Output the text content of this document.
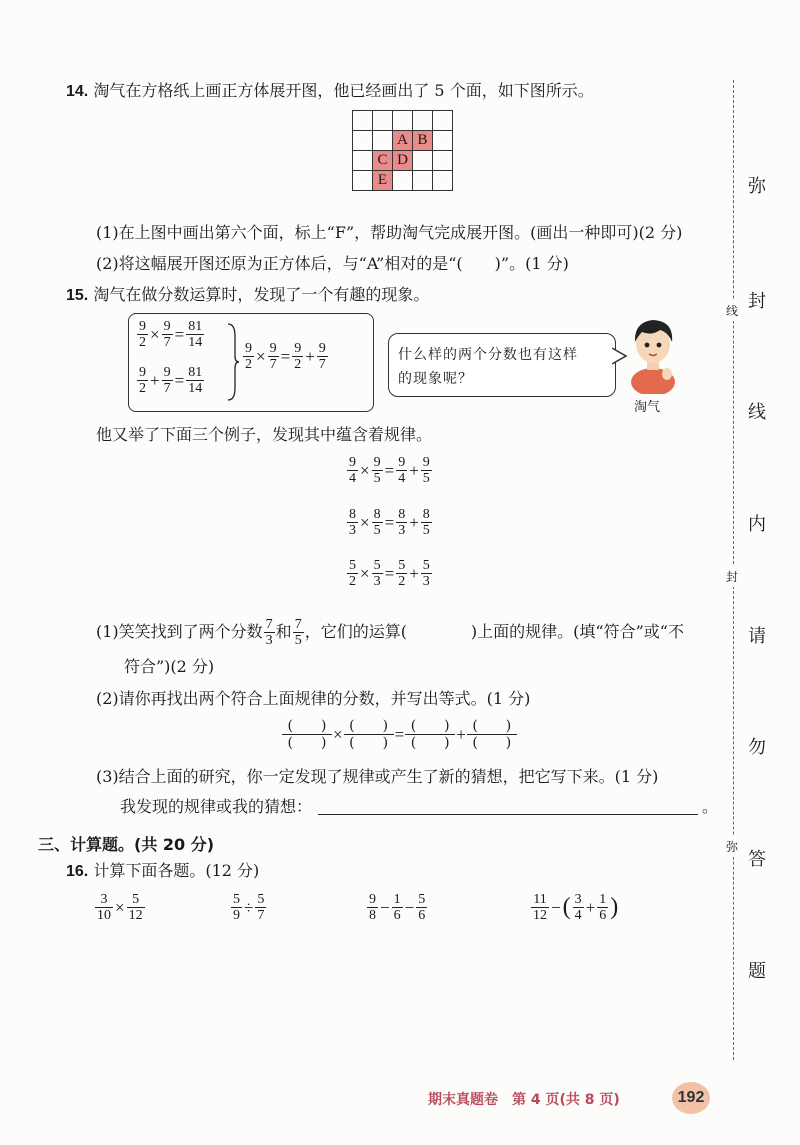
14. 淘气在方格纸上画正方体展开图，他已经画出了 5 个面，如下图所示。

		A	B	
	C	D		
	E			
(1)在上图中画出第六个面，标上“F”，帮助淘气完成展开图。(画出一种即可)(2 分)
(2)将这幅展开图还原为正方体后，与“A”相对的是“(　　)”。(1 分)
15. 淘气在做分数运算时，发现了一个有趣的现象。
$\frac{9}{2} \times \frac{9}{7} = \frac{81}{14}$
$\frac{9}{2} + \frac{9}{7} = \frac{81}{14}$
$\frac{9}{2} \times \frac{9}{7} = \frac{9}{2} + \frac{9}{7}$	什么样的两个分数也有这样
的现象呢？
淘气
他又举了下面三个例子，发现其中蕴含着规律。
$\frac{9}{4} \times \frac{9}{5} = \frac{9}{4} + \frac{9}{5}$
$\frac{8}{3} \times \frac{8}{5} = \frac{8}{3} + \frac{8}{5}$
$\frac{5}{2} \times \frac{5}{3} = \frac{5}{2} + \frac{5}{3}$
(1)笑笑找到了两个分数 $\frac{7}{3}$ 和 $\frac{7}{5}$ ，它们的运算(　　　　)上面的规律。(填“符合”或“不
符合”)(2 分)
(2)请你再找出两个符合上面规律的分数，并写出等式。(1 分)
$\frac{( )}{( )} \times \frac{( )}{( )} = \frac{( )}{( )} + \frac{( )}{( )}$
(3)结合上面的研究，你一定发现了规律或产生了新的猜想，把它写下来。(1 分)
我发现的规律或我的猜想：	。
三、计算题。(共 20 分)
16. 计算下面各题。(12 分)
$\frac{3}{10} \times \frac{5}{12}$	$\frac{5}{9} \div \frac{5}{7}$	$\frac{9}{8} - \frac{1}{6} - \frac{5}{6}$	$\frac{11}{12}$ −( $\frac{3}{4} + \frac{1}{6}$ )
线
封
弥
弥
封
线
内
请
勿
答
题
期末真题卷　第 4 页(共 8 页)	192
